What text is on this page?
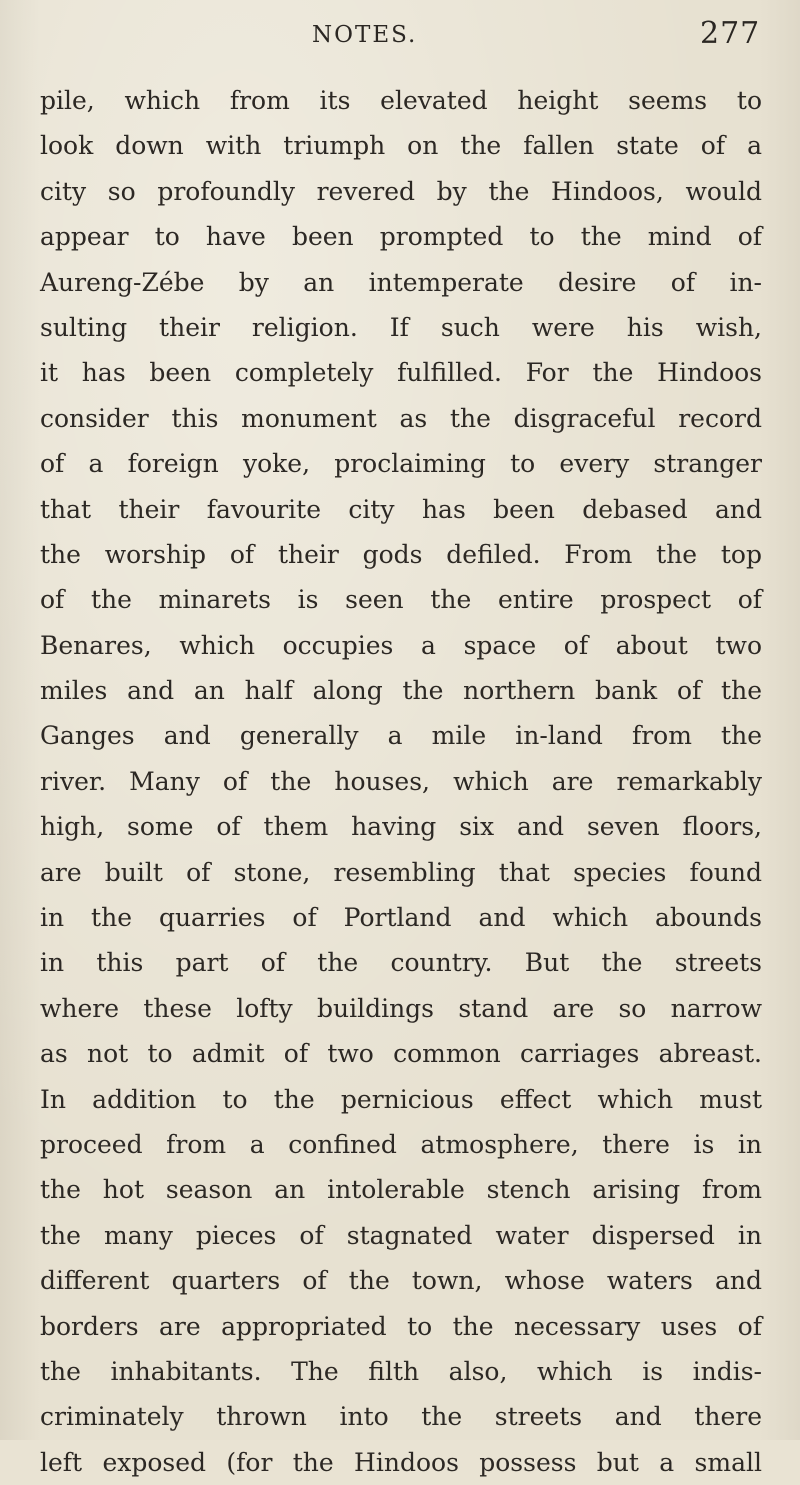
NOTES.	277
pile, which from its elevated height seems to
look down with triumph on the fallen state of a
city so profoundly revered by the Hindoos, would
appear to have been prompted to the mind of
Aureng-Zébe by an intemperate desire of in-
sulting their religion. If such were his wish,
it has been completely fulfilled. For the Hindoos
consider this monument as the disgraceful record
of a foreign yoke, proclaiming to every stranger
that their favourite city has been debased and
the worship of their gods defiled. From the top
of the minarets is seen the entire prospect of
Benares, which occupies a space of about two
miles and an half along the northern bank of the
Ganges and generally a mile in-land from the
river. Many of the houses, which are remarkably
high, some of them having six and seven floors,
are built of stone, resembling that species found
in the quarries of Portland and which abounds
in this part of the country. But the streets
where these lofty buildings stand are so narrow
as not to admit of two common carriages abreast.
In addition to the pernicious effect which must
proceed from a confined atmosphere, there is in
the hot season an intolerable stench arising from
the many pieces of stagnated water dispersed in
different quarters of the town, whose waters and
borders are appropriated to the necessary uses of
the inhabitants. The filth also, which is indis-
criminately thrown into the streets and there
left exposed (for the Hindoos possess but a small
